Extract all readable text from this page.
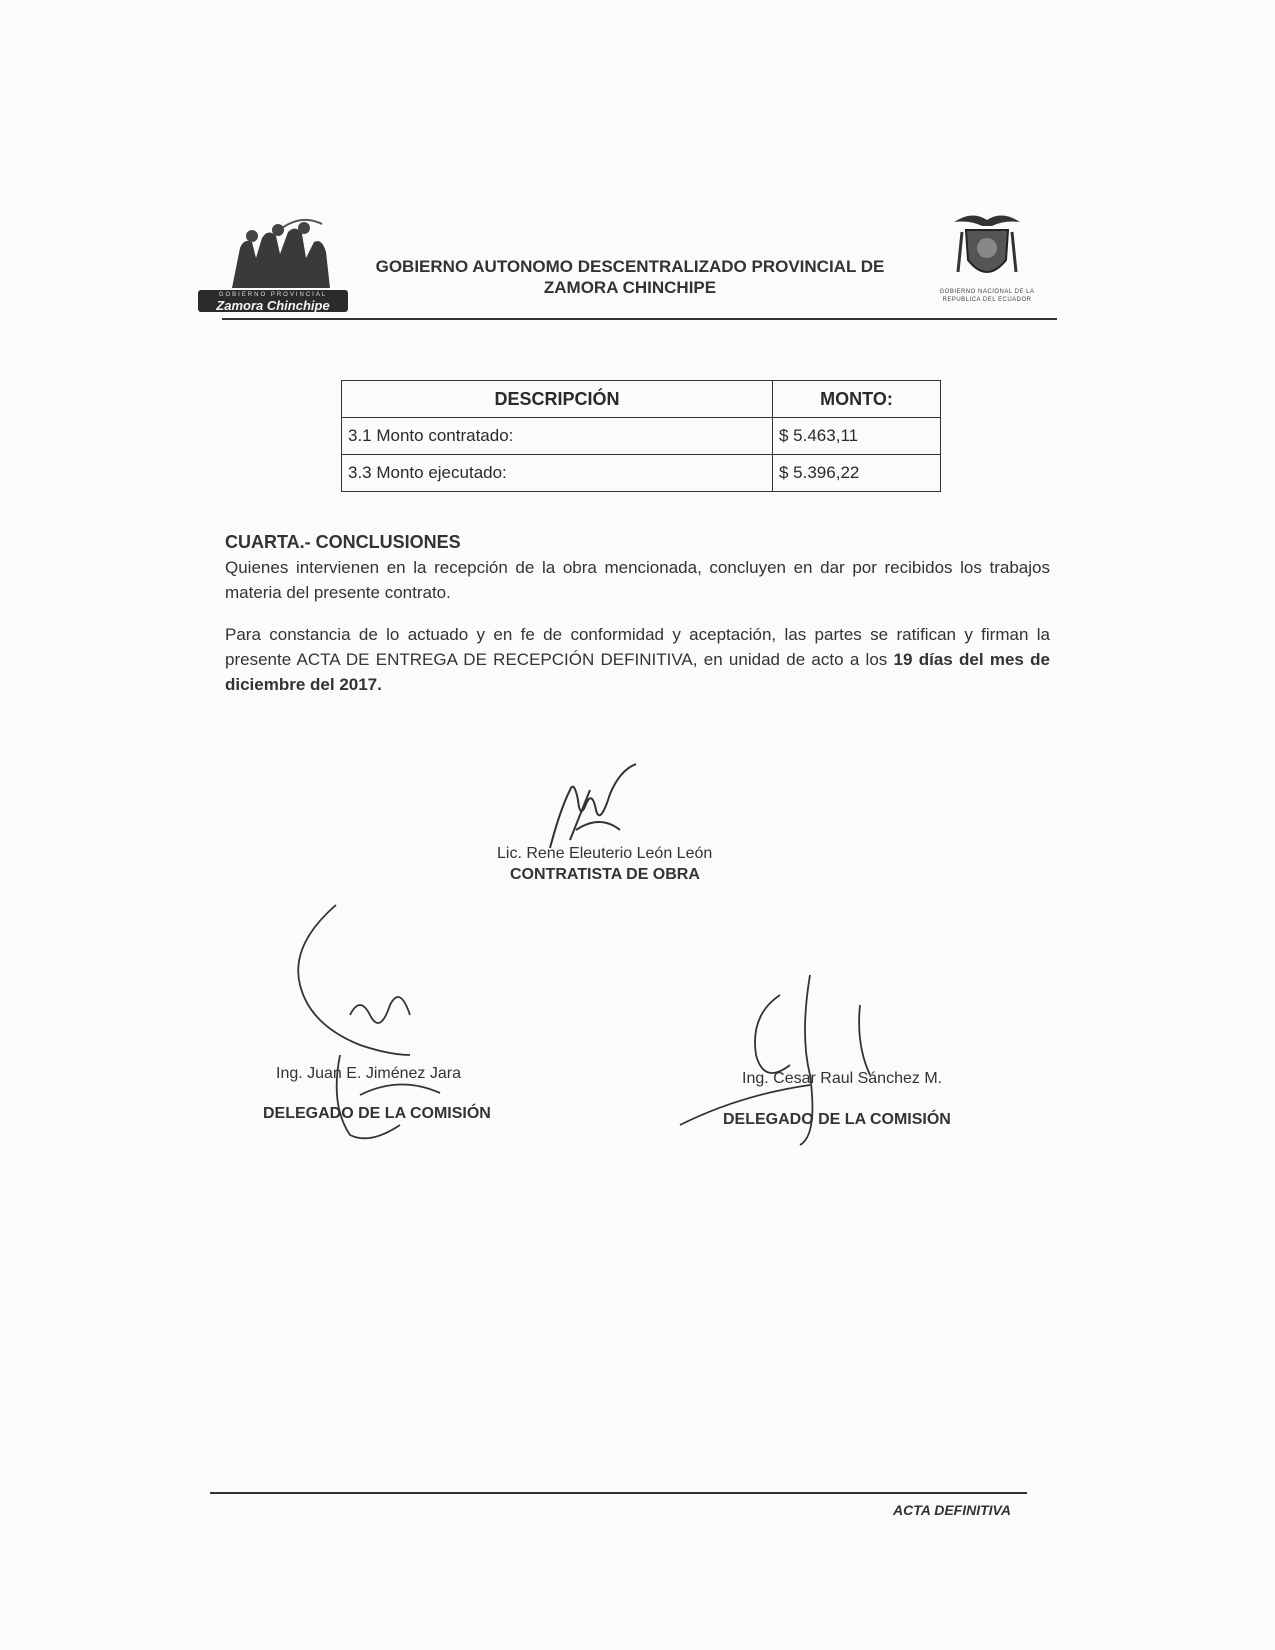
GOBIERNO PROVINCIAL
Zamora Chinchipe
GOBIERNO AUTONOMO DESCENTRALIZADO PROVINCIAL DE
ZAMORA CHINCHIPE	GOBIERNO NACIONAL DE LA
REPUBLICA DEL ECUADOR
DESCRIPCIÓN	MONTO:
3.1 Monto contratado:	$ 5.463,11
3.3 Monto ejecutado:	$ 5.396,22
CUARTA.- CONCLUSIONES
Quienes intervienen en la recepción de la obra mencionada, concluyen en dar por recibidos los trabajos materia del presente contrato.
Para constancia de lo actuado y en fe de conformidad y aceptación, las partes se ratifican y firman la presente ACTA DE ENTREGA DE RECEPCIÓN DEFINITIVA, en unidad de acto a los 19 días del mes de diciembre del 2017.
Lic. Rene Eleuterio León León
CONTRATISTA DE OBRA
Ing. Juan E. Jiménez Jara
DELEGADO DE LA COMISIÓN
Ing. Cesar Raul Sánchez M.
DELEGADO DE LA COMISIÓN
ACTA DEFINITIVA
